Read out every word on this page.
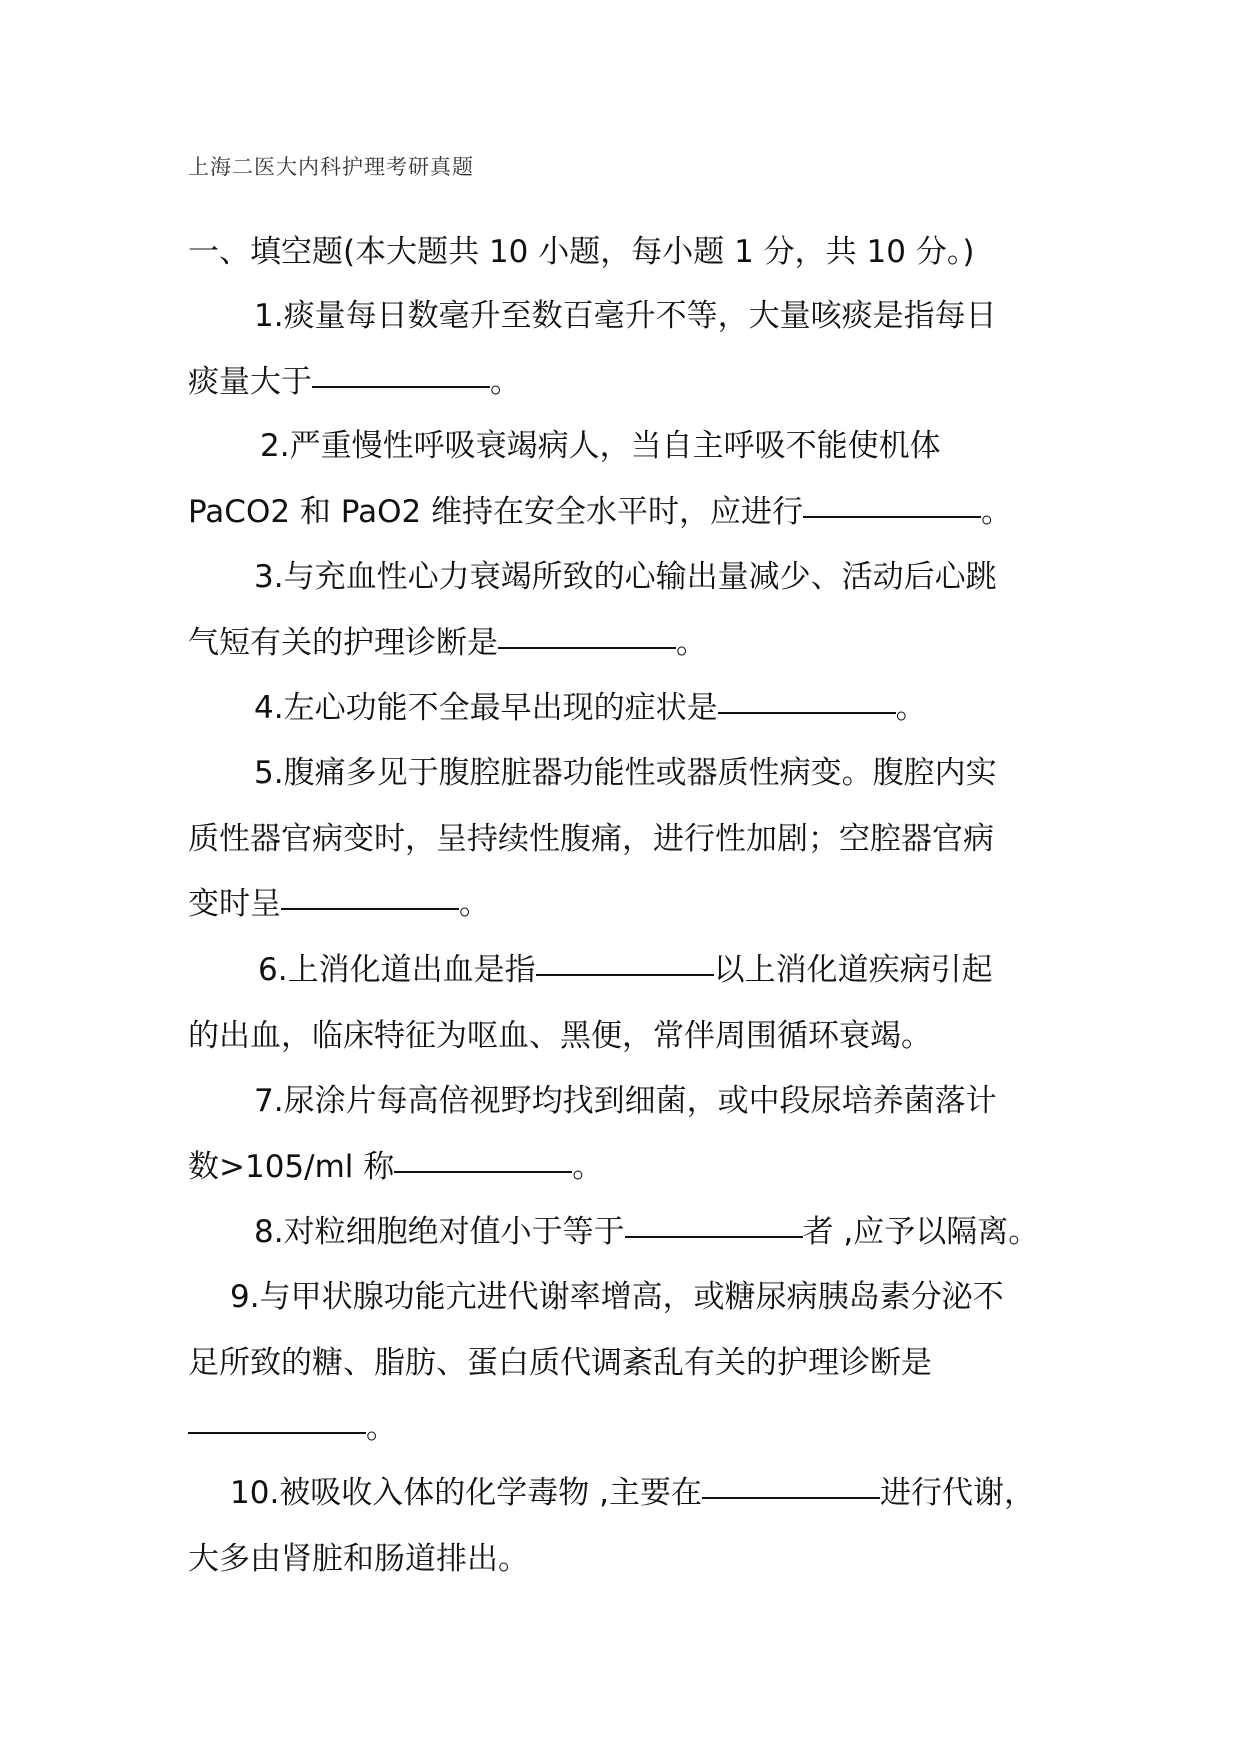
上海二医大内科护理考研真题
一、填空题(本大题共 10 小题，每小题 1 分，共 10 分。)
1.痰量每日数毫升至数百毫升不等，大量咳痰是指每日
痰量大于	。
2.严重慢性呼吸衰竭病人，当自主呼吸不能使机体
PaCO2 和 PaO2 维持在安全水平时，应进行	。
3.与充血性心力衰竭所致的心输出量减少、活动后心跳
气短有关的护理诊断是	。
4.左心功能不全最早出现的症状是	。
5.腹痛多见于腹腔脏器功能性或器质性病变。腹腔内实
质性器官病变时，呈持续性腹痛，进行性加剧；空腔器官病
变时呈	。
6.上消化道出血是指	以上消化道疾病引起
的出血，临床特征为呕血、黑便，常伴周围循环衰竭。
7.尿涂片每高倍视野均找到细菌，或中段尿培养菌落计
数>105/ml 称	。
8.对粒细胞绝对值小于等于	者 ,应予以隔离。
9.与甲状腺功能亢进代谢率增高，或糖尿病胰岛素分泌不
足所致的糖、脂肪、蛋白质代调紊乱有关的护理诊断是
。
10.被吸收入体的化学毒物 ,主要在	进行代谢，
大多由肾脏和肠道排出。
